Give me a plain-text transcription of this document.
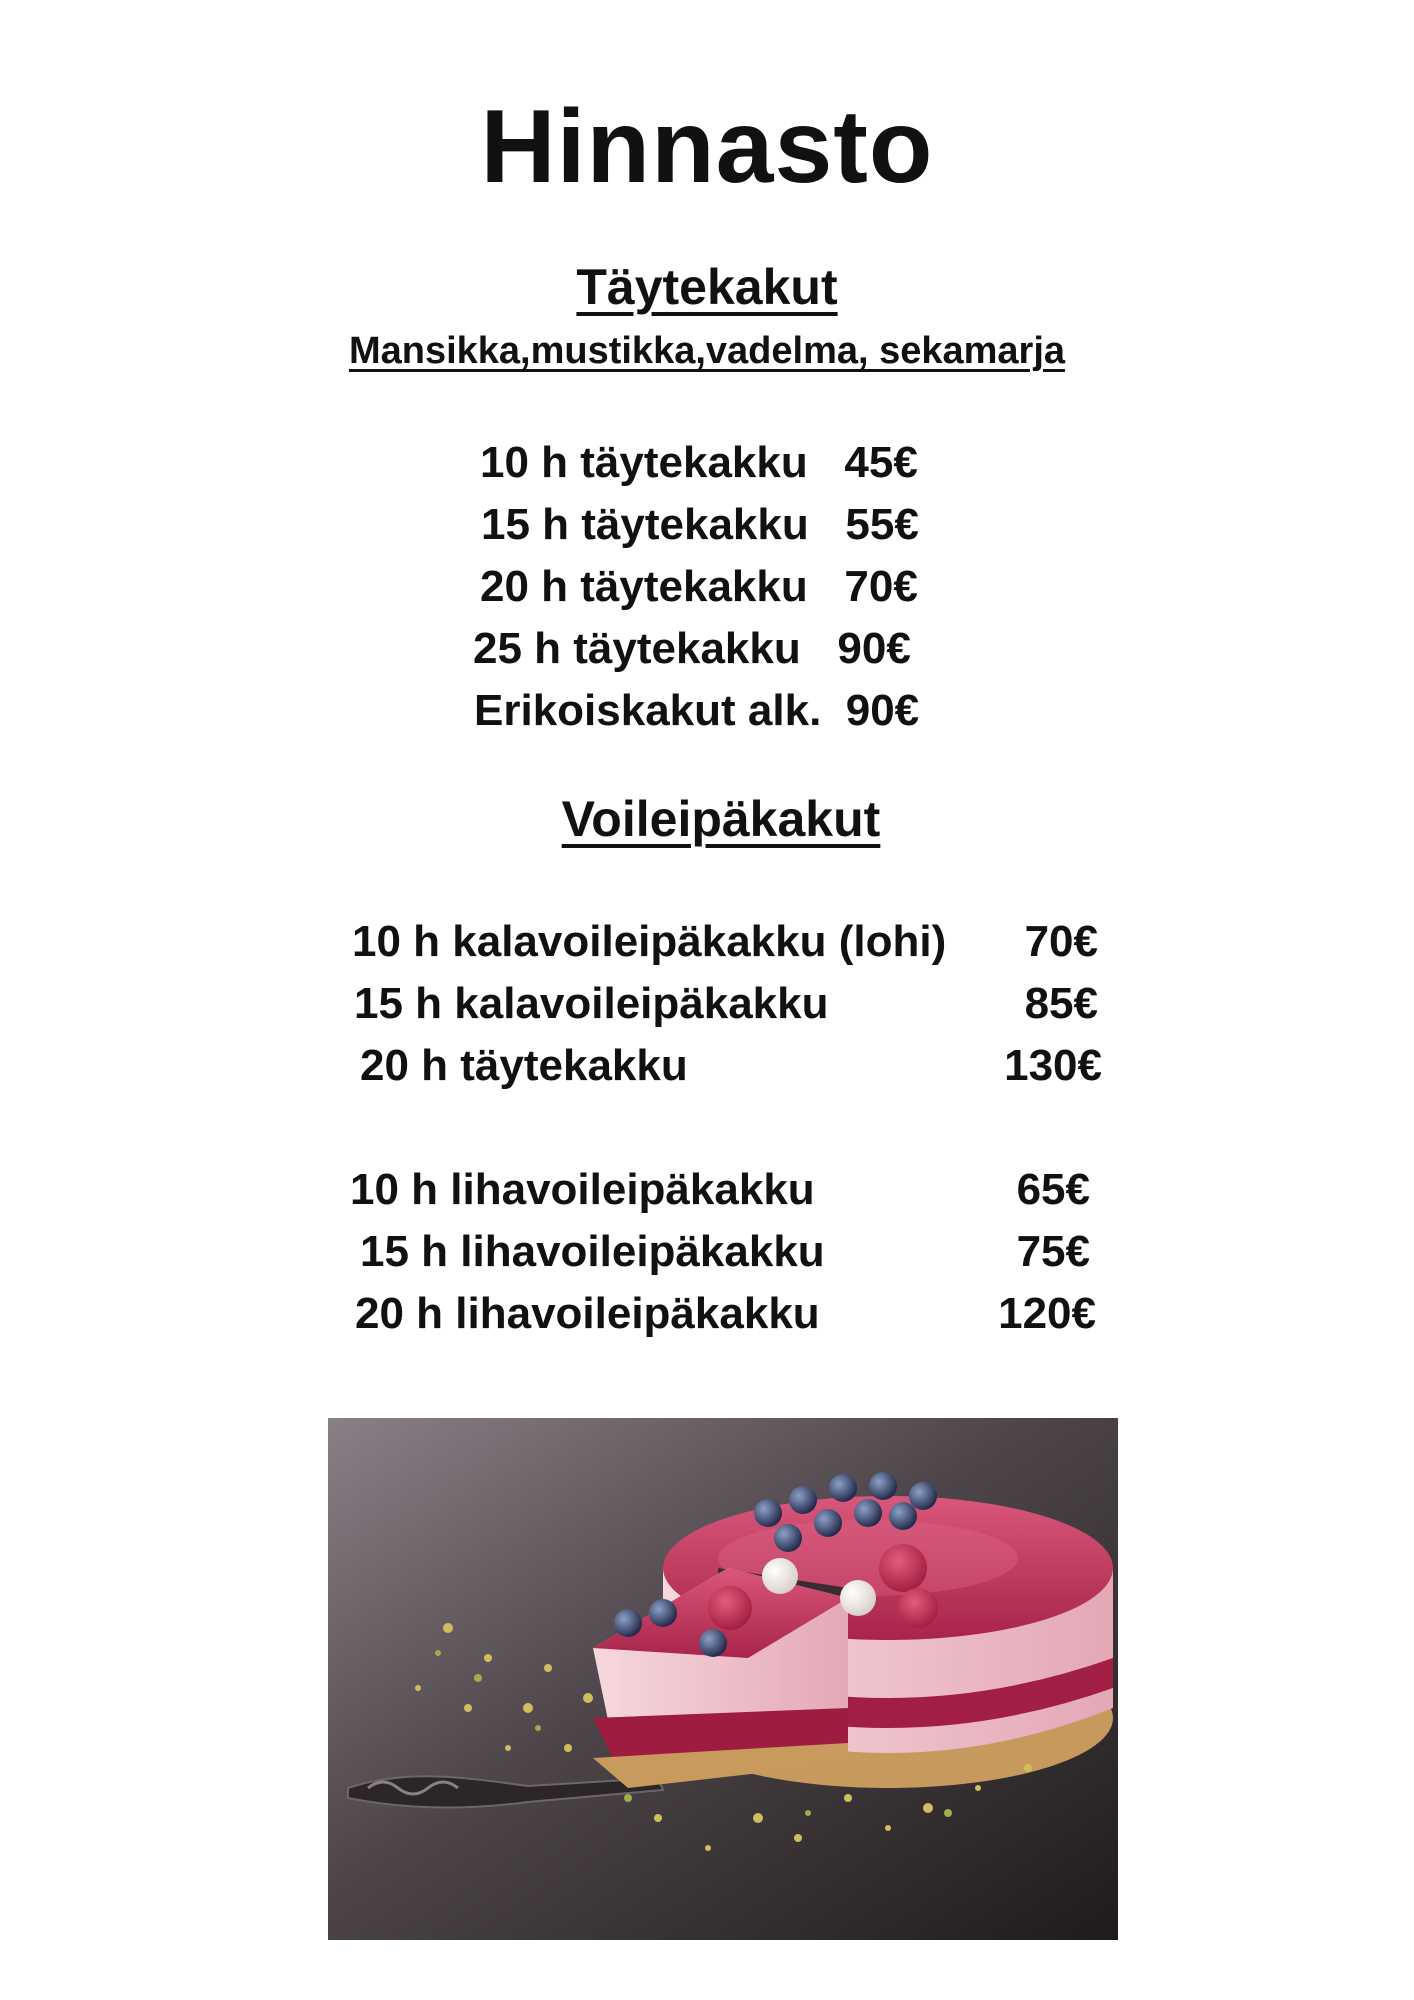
Hinnasto
Täytekakut
Mansikka,mustikka,vadelma, sekamarja
10 h täytekakku   45€
15 h täytekakku   55€
20 h täytekakku   70€
25 h täytekakku   90€
Erikoiskakut alk.  90€
Voileipäkakut
10 h kalavoileipäkakku (lohi)	70€
15 h kalavoileipäkakku	85€
20 h täytekakku	130€
10 h lihavoileipäkakku	65€
15 h lihavoileipäkakku	75€
20 h lihavoileipäkakku	120€
